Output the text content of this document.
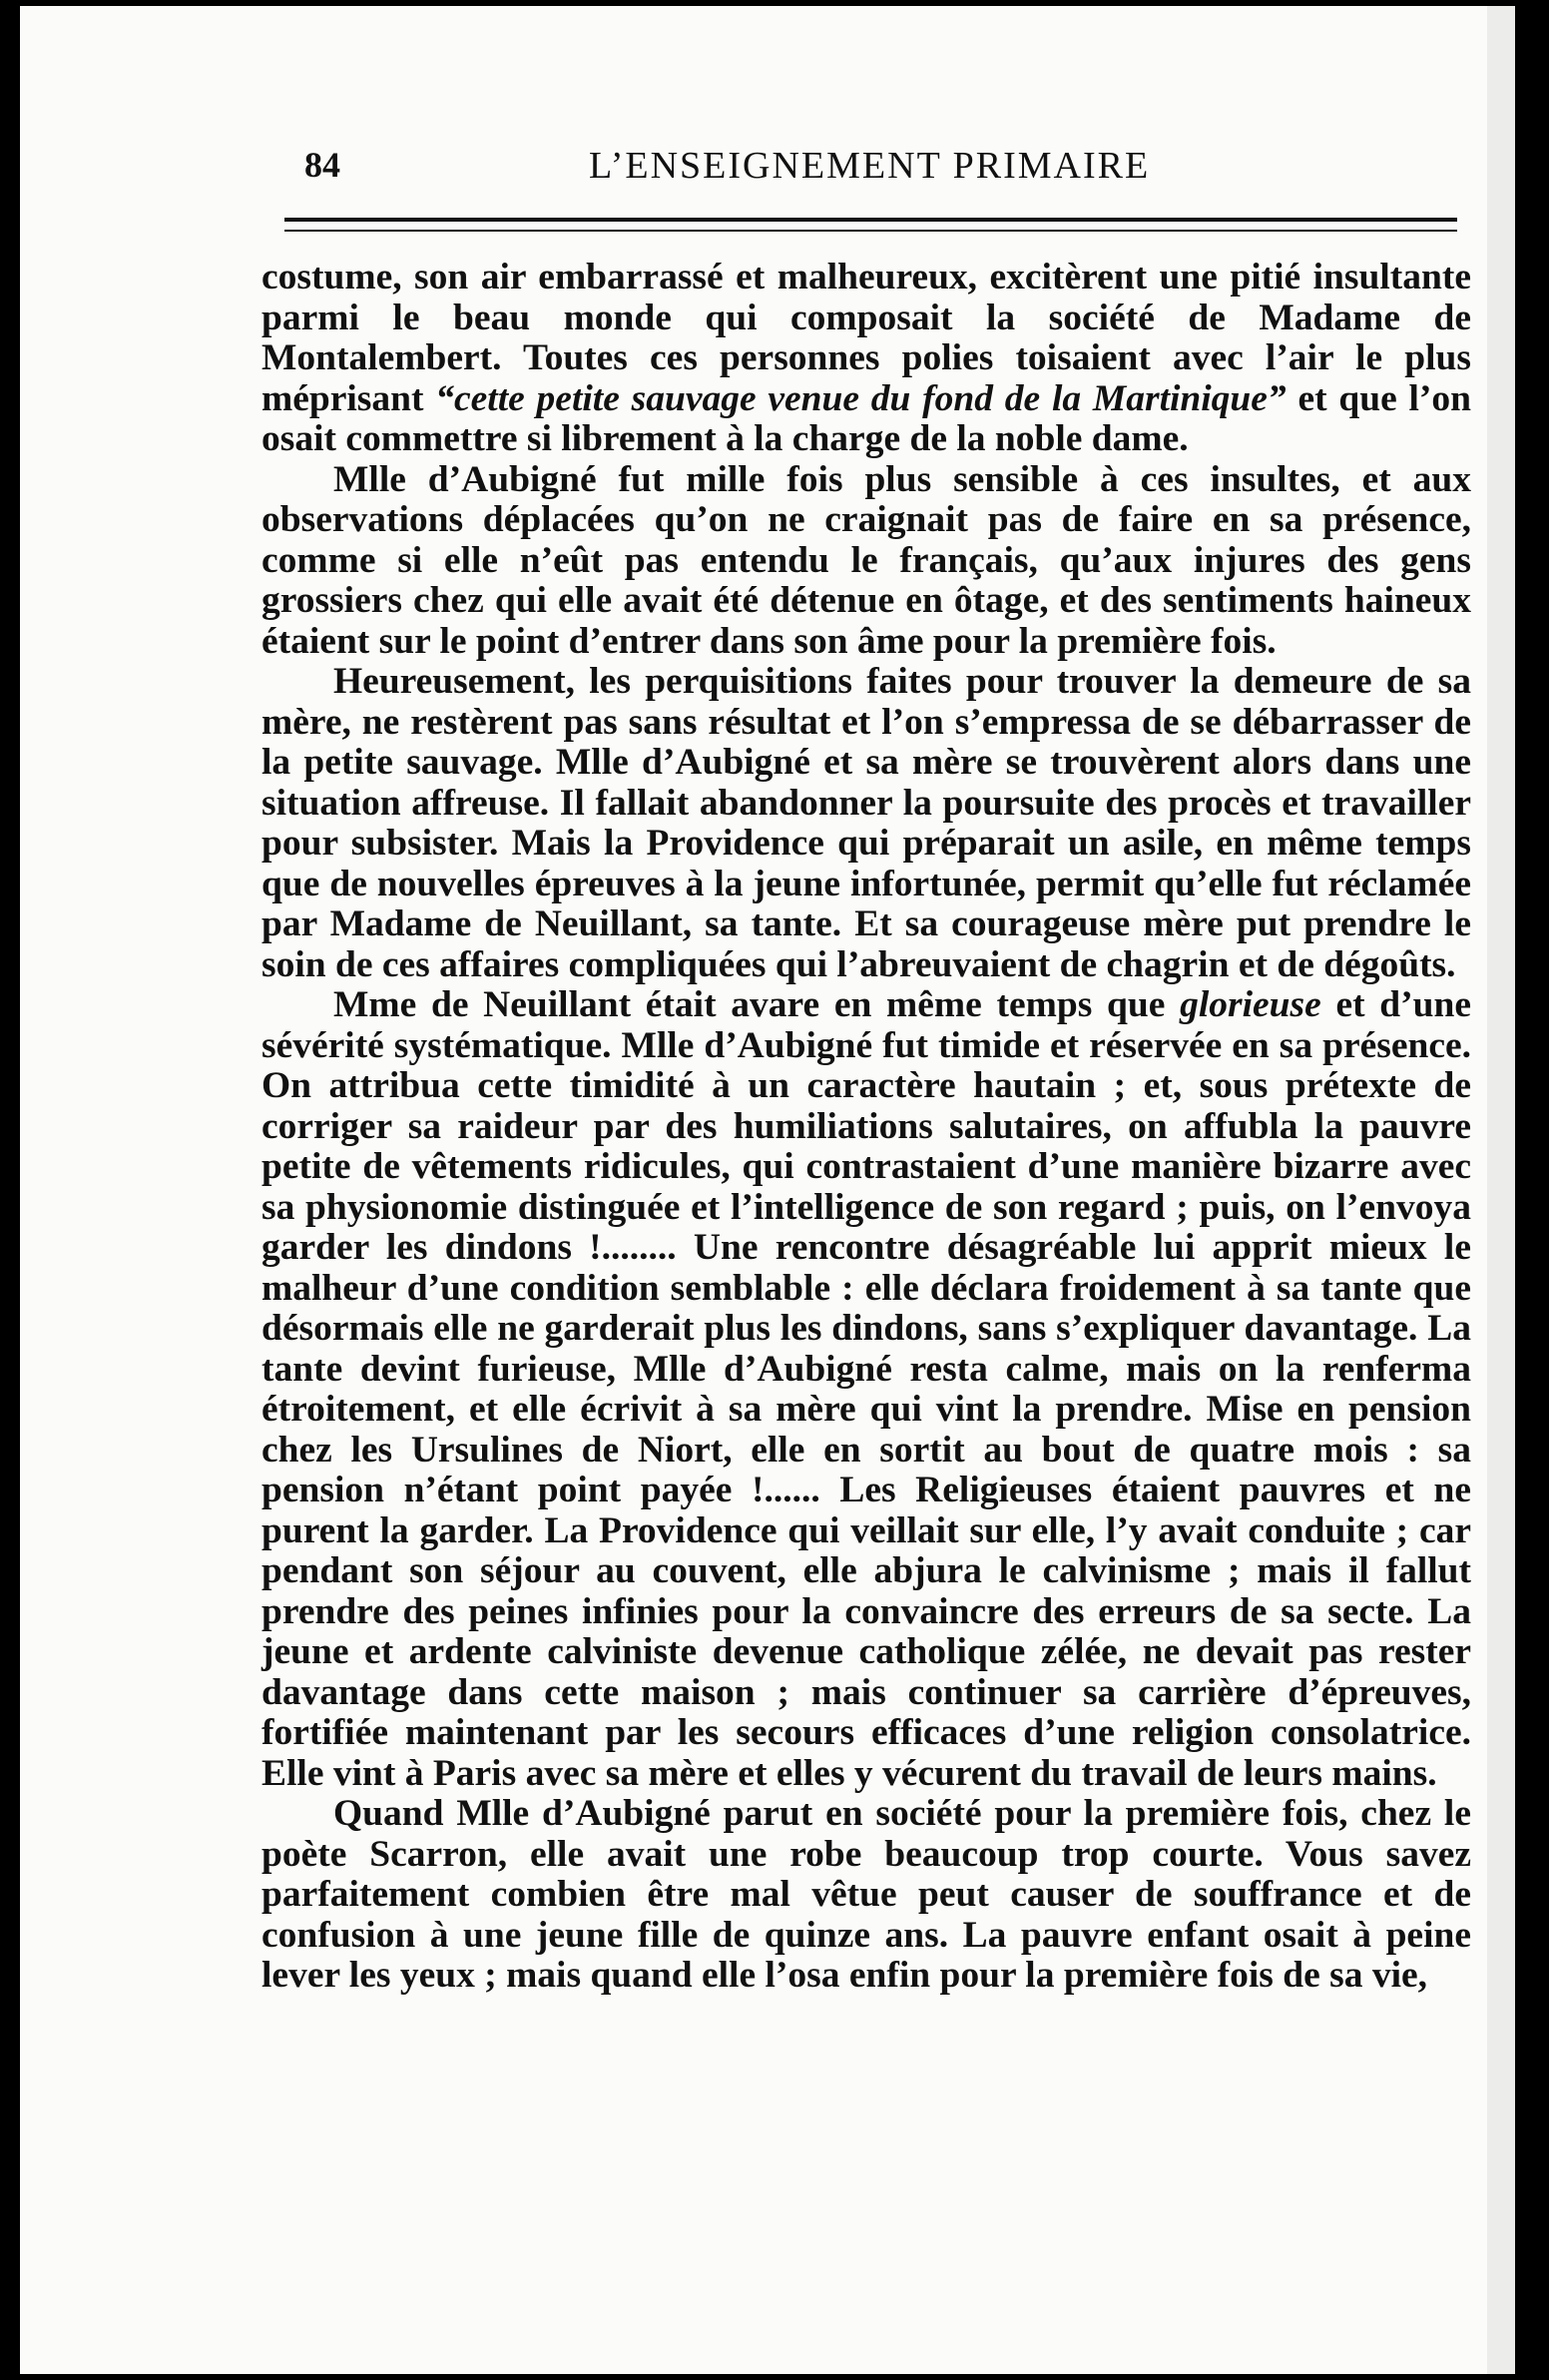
84	L’ENSEIGNEMENT PRIMAIRE

costume, son air embarrassé et malheureux, excitèrent une pitié insultante parmi le beau monde qui composait la société de Madame de Montalembert. Toutes ces personnes polies toisaient avec l’air le plus méprisant “cette petite sauvage venue du fond de la Martinique” et que l’on osait commettre si librement à la charge de la noble dame.

Mlle d’Aubigné fut mille fois plus sensible à ces insultes, et aux observations déplacées qu’on ne craignait pas de faire en sa présence, comme si elle n’eût pas entendu le français, qu’aux injures des gens grossiers chez qui elle avait été détenue en ôtage, et des sentiments haineux étaient sur le point d’entrer dans son âme pour la première fois.

Heureusement, les perquisitions faites pour trouver la demeure de sa mère, ne restèrent pas sans résultat et l’on s’empressa de se débarrasser de la petite sauvage. Mlle d’Aubigné et sa mère se trouvèrent alors dans une situation affreuse. Il fallait abandonner la poursuite des procès et travailler pour subsister. Mais la Providence qui préparait un asile, en même temps que de nouvelles épreuves à la jeune infortunée, permit qu’elle fut réclamée par Madame de Neuillant, sa tante. Et sa courageuse mère put prendre le soin de ces affaires compliquées qui l’abreuvaient de chagrin et de dégoûts.

Mme de Neuillant était avare en même temps que glorieuse et d’une sévérité systématique. Mlle d’Aubigné fut timide et réservée en sa présence. On attribua cette timidité à un caractère hautain ; et, sous prétexte de corriger sa raideur par des humiliations salutaires, on affubla la pauvre petite de vêtements ridicules, qui contrastaient d’une manière bizarre avec sa physionomie distinguée et l’intelligence de son regard ; puis, on l’envoya garder les dindons !........ Une rencontre désagréable lui apprit mieux le malheur d’une condition semblable : elle déclara froidement à sa tante que désormais elle ne garderait plus les dindons, sans s’expliquer davantage. La tante devint furieuse, Mlle d’Aubigné resta calme, mais on la renferma étroitement, et elle écrivit à sa mère qui vint la prendre. Mise en pension chez les Ursulines de Niort, elle en sortit au bout de quatre mois : sa pension n’étant point payée !...... Les Religieuses étaient pauvres et ne purent la garder. La Providence qui veillait sur elle, l’y avait conduite ; car pendant son séjour au couvent, elle abjura le calvinisme ; mais il fallut prendre des peines infinies pour la convaincre des erreurs de sa secte. La jeune et ardente calviniste devenue catholique zélée, ne devait pas rester davantage dans cette maison ; mais continuer sa carrière d’épreuves, fortifiée maintenant par les secours efficaces d’une religion consolatrice. Elle vint à Paris avec sa mère et elles y vécurent du travail de leurs mains.

Quand Mlle d’Aubigné parut en société pour la première fois, chez le poète Scarron, elle avait une robe beaucoup trop courte. Vous savez parfaitement combien être mal vêtue peut causer de souffrance et de confusion à une jeune fille de quinze ans. La pauvre enfant osait à peine lever les yeux ; mais quand elle l’osa enfin pour la première fois de sa vie,
